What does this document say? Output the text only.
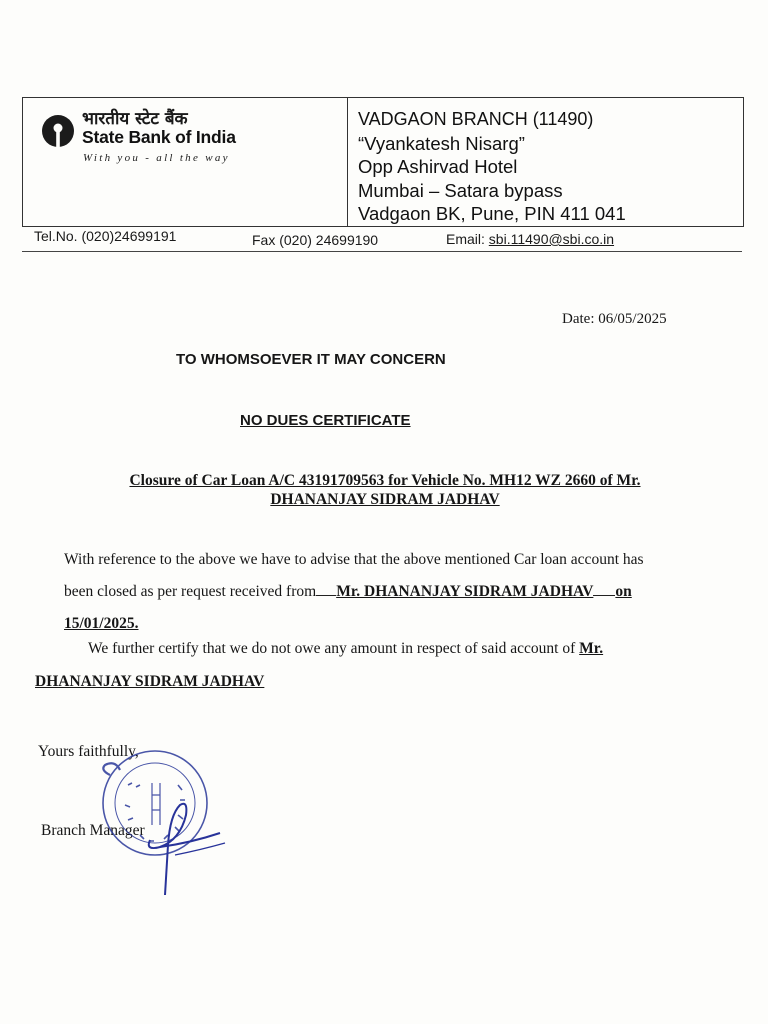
भारतीय स्टेट बैंक
State Bank of India
With you - all the way
VADGAON BRANCH (11490)
“Vyankatesh Nisarg”
Opp Ashirvad Hotel
Mumbai – Satara bypass
Vadgaon BK, Pune, PIN 411 041
Tel.No. (020)24699191	Fax (020) 24699190	Email: sbi.11490@sbi.co.in
Date: 06/05/2025
TO WHOMSOEVER IT MAY CONCERN
NO DUES CERTIFICATE
Closure of Car Loan A/C 43191709563 for Vehicle No. MH12 WZ 2660 of Mr.
DHANANJAY SIDRAM JADHAV
With reference to the above we have to advise that the above mentioned Car loan account has
been closed as per request received from Mr. DHANANJAY SIDRAM JADHAV on
15/01/2025.
We further certify that we do not owe any amount in respect of said account of Mr.
DHANANJAY SIDRAM JADHAV
Yours faithfully,
Branch Manager
